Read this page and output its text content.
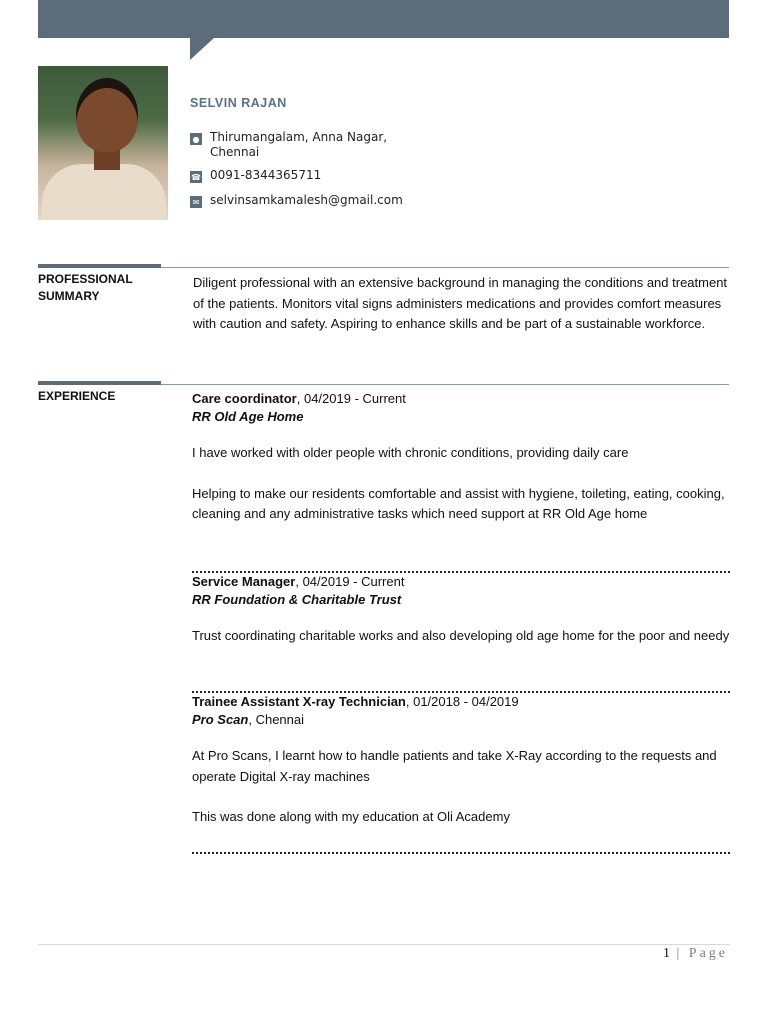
SELVIN RAJAN
● Thirumangalam, Anna Nagar, Chennai
☎ 0091-8344365711
✉ selvinsamkamalesh@gmail.com
PROFESSIONAL SUMMARY
Diligent professional with an extensive background in managing the conditions and treatment of the patients. Monitors vital signs administers medications and provides comfort measures with caution and safety. Aspiring to enhance skills and be part of a sustainable workforce.
EXPERIENCE	Care coordinator, 04/2019 - Current
RR Old Age Home

I have worked with older people with chronic conditions, providing daily care

Helping to make our residents comfortable and assist with hygiene, toileting, eating, cooking, cleaning and any administrative tasks which need support at RR Old Age home

Service Manager, 04/2019 - Current
RR Foundation & Charitable Trust

Trust coordinating charitable works and also developing old age home for the poor and needy

Trainee Assistant X-ray Technician, 01/2018 - 04/2019
Pro Scan, Chennai

At Pro Scans, I learnt how to handle patients and take X-Ray according to the requests and operate Digital X-ray machines

This was done along with my education at Oli Academy

1 | Page
